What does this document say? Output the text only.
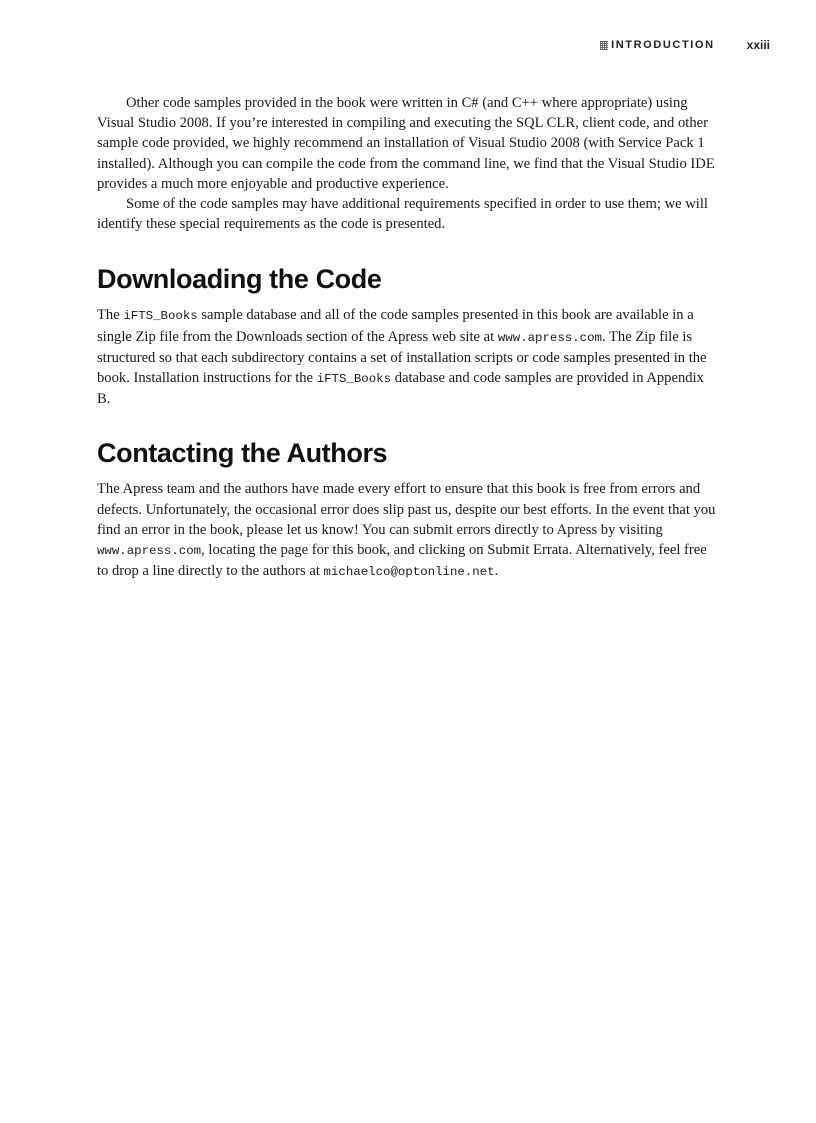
INTRODUCTION	xxiii

Other code samples provided in the book were written in C# (and C++ where appropriate) using Visual Studio 2008. If you’re interested in compiling and executing the SQL CLR, client code, and other sample code provided, we highly recommend an installation of Visual Studio 2008 (with Service Pack 1 installed). Although you can compile the code from the command line, we find that the Visual Studio IDE provides a much more enjoyable and productive experience.

Some of the code samples may have additional requirements specified in order to use them; we will identify these special requirements as the code is presented.

Downloading the Code

The iFTS_Books sample database and all of the code samples presented in this book are available in a single Zip file from the Downloads section of the Apress web site at www.apress.com. The Zip file is structured so that each subdirectory contains a set of installation scripts or code samples presented in the book. Installation instructions for the iFTS_Books database and code samples are provided in Appendix B.

Contacting the Authors

The Apress team and the authors have made every effort to ensure that this book is free from errors and defects. Unfortunately, the occasional error does slip past us, despite our best efforts. In the event that you find an error in the book, please let us know! You can submit errors directly to Apress by visiting www.apress.com, locating the page for this book, and clicking on Submit Errata. Alternatively, feel free to drop a line directly to the authors at michaelco@optonline.net.
